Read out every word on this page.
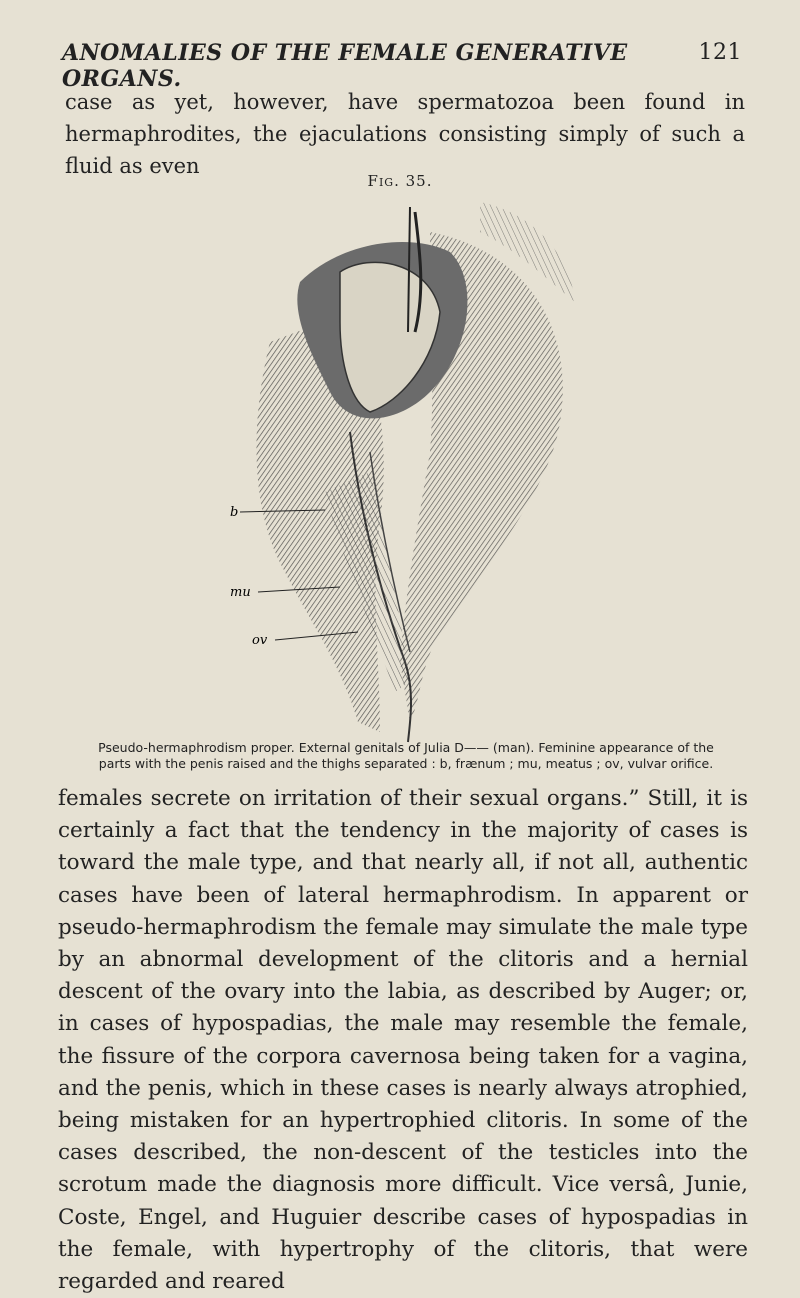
ANOMALIES OF THE FEMALE GENERATIVE ORGANS.
121
case as yet, however, have spermatozoa been found in hermaphrodites, the ejaculations consisting simply of such a fluid as even
Fig. 35.
b
mu
ov
Pseudo-hermaphrodism proper. External genitals of Julia D—— (man). Feminine appearance of the
parts with the penis raised and the thighs separated : b, frænum ; mu, meatus ; ov, vulvar orifice.
females secrete on irritation of their sexual organs.” Still, it is certainly a fact that the tendency in the majority of cases is toward the male type, and that nearly all, if not all, authentic cases have been of lateral hermaphrodism. In apparent or pseudo-hermaphrodism the female may simulate the male type by an abnormal development of the clitoris and a hernial descent of the ovary into the labia, as described by Auger; or, in cases of hypospadias, the male may resemble the female, the fissure of the corpora cavernosa being taken for a vagina, and the penis, which in these cases is nearly always atrophied, being mistaken for an hypertrophied clitoris. In some of the cases described, the non-descent of the testicles into the scrotum made the diagnosis more difficult. Vice versâ, Junie, Coste, Engel, and Huguier describe cases of hypospadias in the female, with hypertrophy of the clitoris, that were regarded and reared
